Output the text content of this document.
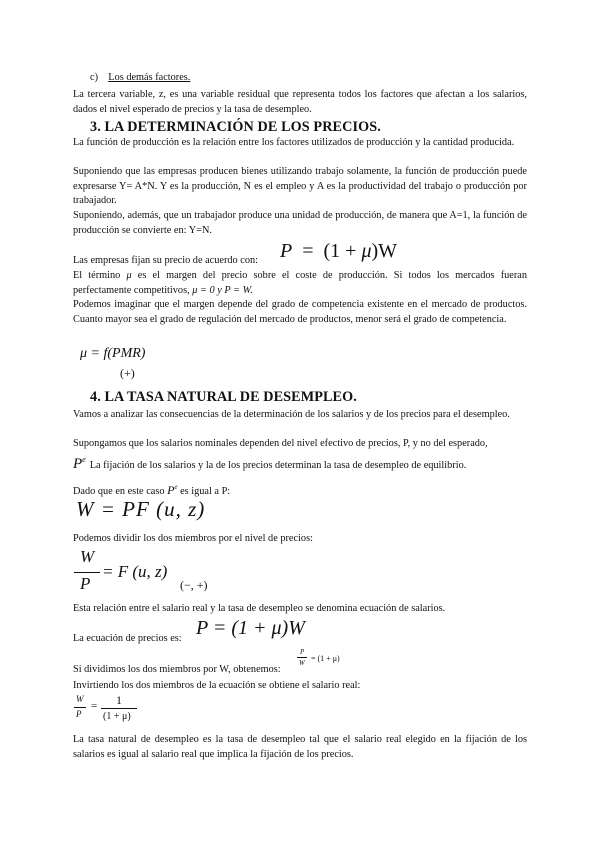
c) Los demás factores.

La tercera variable, z, es una variable residual que representa todos los factores que afectan a los salarios, dados el nivel esperado de precios y la tasa de desempleo.

3. LA DETERMINACIÓN DE LOS PRECIOS.

La función de producción es la relación entre los factores utilizados de producción y la cantidad producida.

Suponiendo que las empresas producen bienes utilizando trabajo solamente, la función de producción puede expresarse Y= A*N. Y es la producción, N es el empleo y A es la productividad del trabajo o producción por trabajador.

Suponiendo, además, que un trabajador produce una unidad de producción, de manera que A=1, la función de producción se convierte en: Y=N.

Las empresas fijan su precio de acuerdo con:	P = (1 + μ)W

El término μ es el margen del precio sobre el coste de producción. Si todos los mercados fueran perfectamente competitivos, μ = 0 y P = W.

Podemos imaginar que el margen depende del grado de competencia existente en el mercado de productos. Cuanto mayor sea el grado de regulación del mercado de productos, menor será el grado de competencia.

μ = f(PMR)
(+)
4. LA TASA NATURAL DE DESEMPLEO.

Vamos a analizar las consecuencias de la determinación de los salarios y de los precios para el desempleo.

Supongamos que los salarios nominales dependen del nivel efectivo de precios, P, y no del esperado,

$P^e$ La fijación de los salarios y la de los precios determinan la tasa de desempleo de equilibrio.
Dado que en este caso $P^e$ es igual a P:
W = PF (u, z)

Podemos dividir los dos miembros por el nivel de precios:

W
P
= F (u, z)
(−, +)

Esta relación entre el salario real y la tasa de desempleo se denomina ecuación de salarios.

La ecuación de precios es: P = (1 + μ)W

Si dividimos los dos miembros por W, obtenemos:

P
W = (1 + μ)

Invirtiendo los dos miembros de la ecuación se obtiene el salario real:

W
P
= 1
(1 + μ)

La tasa natural de desempleo es la tasa de desempleo tal que el salario real elegido en la fijación de los salarios es igual al salario real que implica la fijación de los precios.
